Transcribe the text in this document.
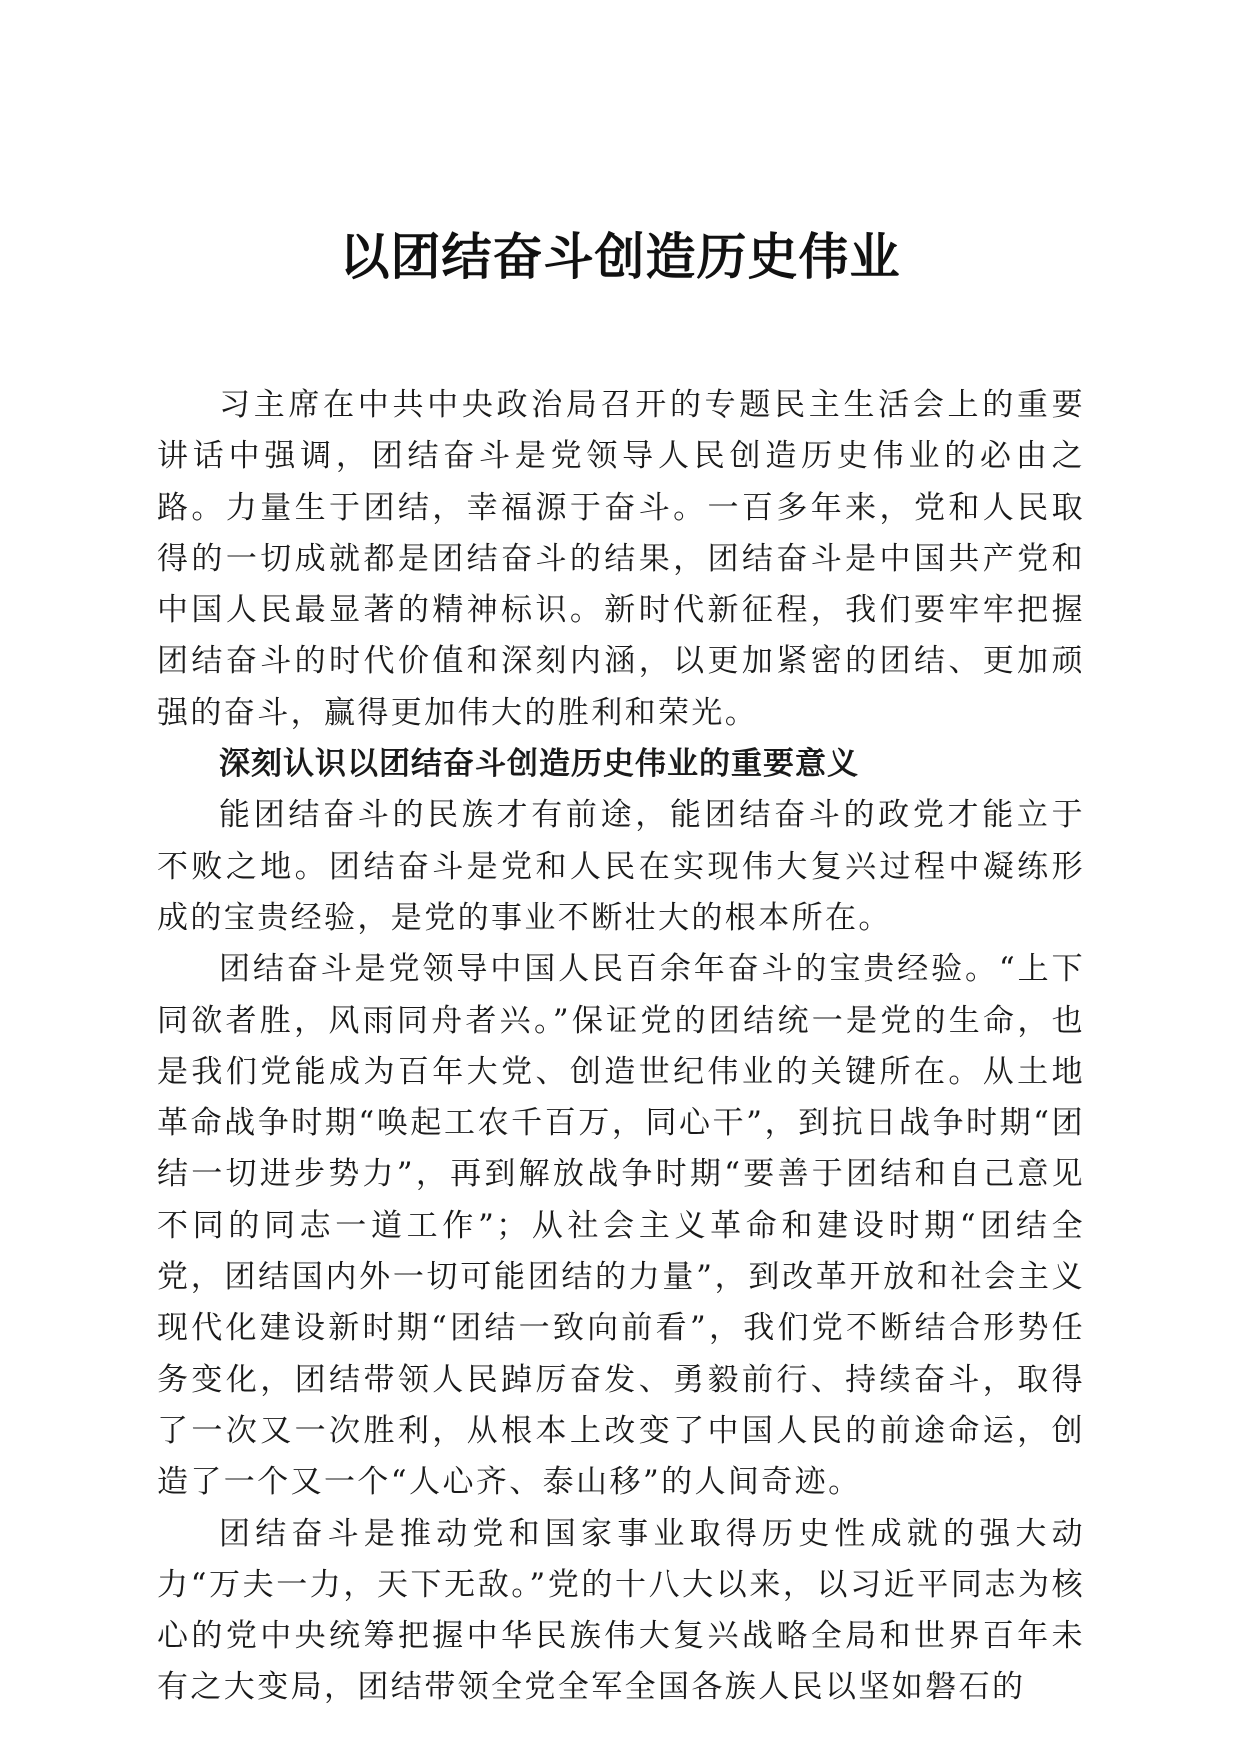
以团结奋斗创造历史伟业

习主席在中共中央政治局召开的专题民主生活会上的重要讲话中强调，团结奋斗是党领导人民创造历史伟业的必由之路。力量生于团结，幸福源于奋斗。一百多年来，党和人民取得的一切成就都是团结奋斗的结果，团结奋斗是中国共产党和中国人民最显著的精神标识。新时代新征程，我们要牢牢把握团结奋斗的时代价值和深刻内涵，以更加紧密的团结、更加顽强的奋斗，赢得更加伟大的胜利和荣光。

深刻认识以团结奋斗创造历史伟业的重要意义

能团结奋斗的民族才有前途，能团结奋斗的政党才能立于不败之地。团结奋斗是党和人民在实现伟大复兴过程中凝练形成的宝贵经验，是党的事业不断壮大的根本所在。

团结奋斗是党领导中国人民百余年奋斗的宝贵经验。“上下同欲者胜，风雨同舟者兴。”保证党的团结统一是党的生命，也是我们党能成为百年大党、创造世纪伟业的关键所在。从土地革命战争时期“唤起工农千百万，同心干”，到抗日战争时期“团结一切进步势力”，再到解放战争时期“要善于团结和自己意见不同的同志一道工作”；从社会主义革命和建设时期“团结全党，团结国内外一切可能团结的力量”，到改革开放和社会主义现代化建设新时期“团结一致向前看”，我们党不断结合形势任务变化，团结带领人民踔厉奋发、勇毅前行、持续奋斗，取得了一次又一次胜利，从根本上改变了中国人民的前途命运，创造了一个又一个“人心齐、泰山移”的人间奇迹。

团结奋斗是推动党和国家事业取得历史性成就的强大动力“万夫一力，天下无敌。”党的十八大以来，以习近平同志为核心的党中央统筹把握中华民族伟大复兴战略全局和世界百年未有之大变局，团结带领全党全军全国各族人民以坚如磐石的
